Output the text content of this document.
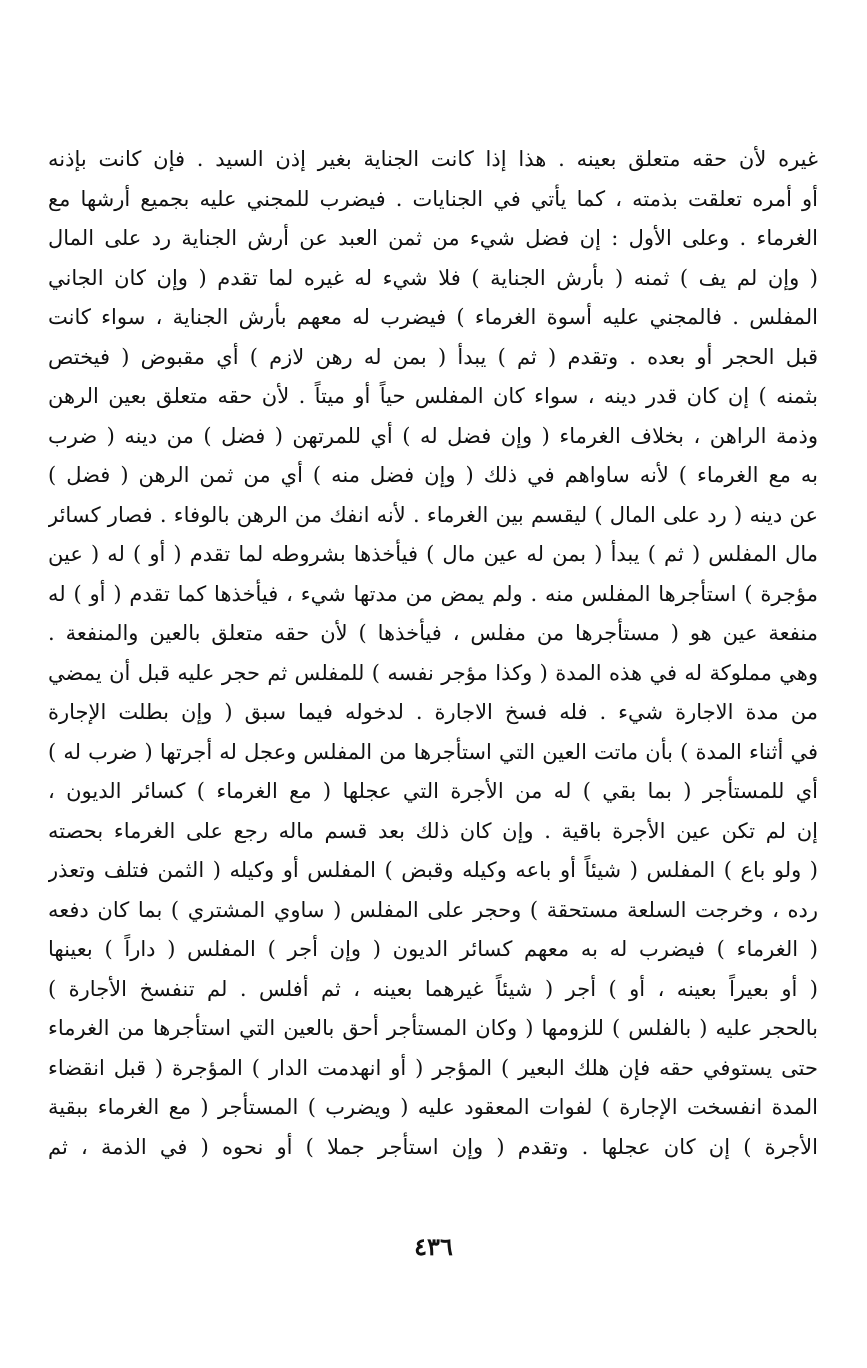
غيره لأن حقه متعلق بعينه . هذا إذا كانت الجناية بغير إذن السيد . فإن كانت بإذنه
أو أمره تعلقت بذمته ، كما يأتي في الجنايات . فيضرب للمجني عليه بجميع أرشها مع
الغرماء . وعلى الأول : إن فضل شيء من ثمن العبد عن أرش الجناية رد على المال
( وإن لم يف ) ثمنه ( بأرش الجناية ) فلا شيء له غيره لما تقدم ( وإن كان الجاني
المفلس . فالمجني عليه أسوة الغرماء ) فيضرب له معهم بأرش الجناية ، سواء كانت
قبل الحجر أو بعده . وتقدم ( ثم ) يبدأ ( بمن له رهن لازم ) أي مقبوض ( فيختص
بثمنه ) إن كان قدر دينه ، سواء كان المفلس حياً أو ميتاً . لأن حقه متعلق بعين الرهن
وذمة الراهن ، بخلاف الغرماء ( وإن فضل له ) أي للمرتهن ( فضل ) من دينه ( ضرب
به مع الغرماء ) لأنه ساواهم في ذلك ( وإن فضل منه ) أي من ثمن الرهن ( فضل )
عن دينه ( رد على المال ) ليقسم بين الغرماء . لأنه انفك من الرهن بالوفاء . فصار كسائر
مال المفلس ( ثم ) يبدأ ( بمن له عين مال ) فيأخذها بشروطه لما تقدم ( أو ) له ( عين
مؤجرة ) استأجرها المفلس منه . ولم يمض من مدتها شيء ، فيأخذها كما تقدم ( أو ) له
منفعة عين هو ( مستأجرها من مفلس ، فيأخذها ) لأن حقه متعلق بالعين والمنفعة .
وهي مملوكة له في هذه المدة ( وكذا مؤجر نفسه ) للمفلس ثم حجر عليه قبل أن يمضي
من مدة الاجارة شيء . فله فسخ الاجارة . لدخوله فيما سبق ( وإن بطلت الإجارة
في أثناء المدة ) بأن ماتت العين التي استأجرها من المفلس وعجل له أجرتها ( ضرب له )
أي للمستأجر ( بما بقي ) له من الأجرة التي عجلها ( مع الغرماء ) كسائر الديون ،
إن لم تكن عين الأجرة باقية . وإن كان ذلك بعد قسم ماله رجع على الغرماء بحصته
( ولو باع ) المفلس ( شيئاً أو باعه وكيله وقبض ) المفلس أو وكيله ( الثمن فتلف وتعذر
رده ، وخرجت السلعة مستحقة ) وحجر على المفلس ( ساوي المشتري ) بما كان دفعه
( الغرماء ) فيضرب له به معهم كسائر الديون ( وإن أجر ) المفلس ( داراً ) بعينها
( أو بعيراً بعينه ، أو ) أجر ( شيئاً غيرهما بعينه ، ثم أفلس . لم تنفسخ الأجارة )
بالحجر عليه ( بالفلس ) للزومها ( وكان المستأجر أحق بالعين التي استأجرها من الغرماء
حتى يستوفي حقه فإن هلك البعير ) المؤجر ( أو انهدمت الدار ) المؤجرة ( قبل انقضاء
المدة انفسخت الإجارة ) لفوات المعقود عليه ( ويضرب ) المستأجر ( مع الغرماء ببقية
الأجرة ) إن كان عجلها . وتقدم ( وإن استأجر جملا ) أو نحوه ( في الذمة ، ثم
٤٣٦
